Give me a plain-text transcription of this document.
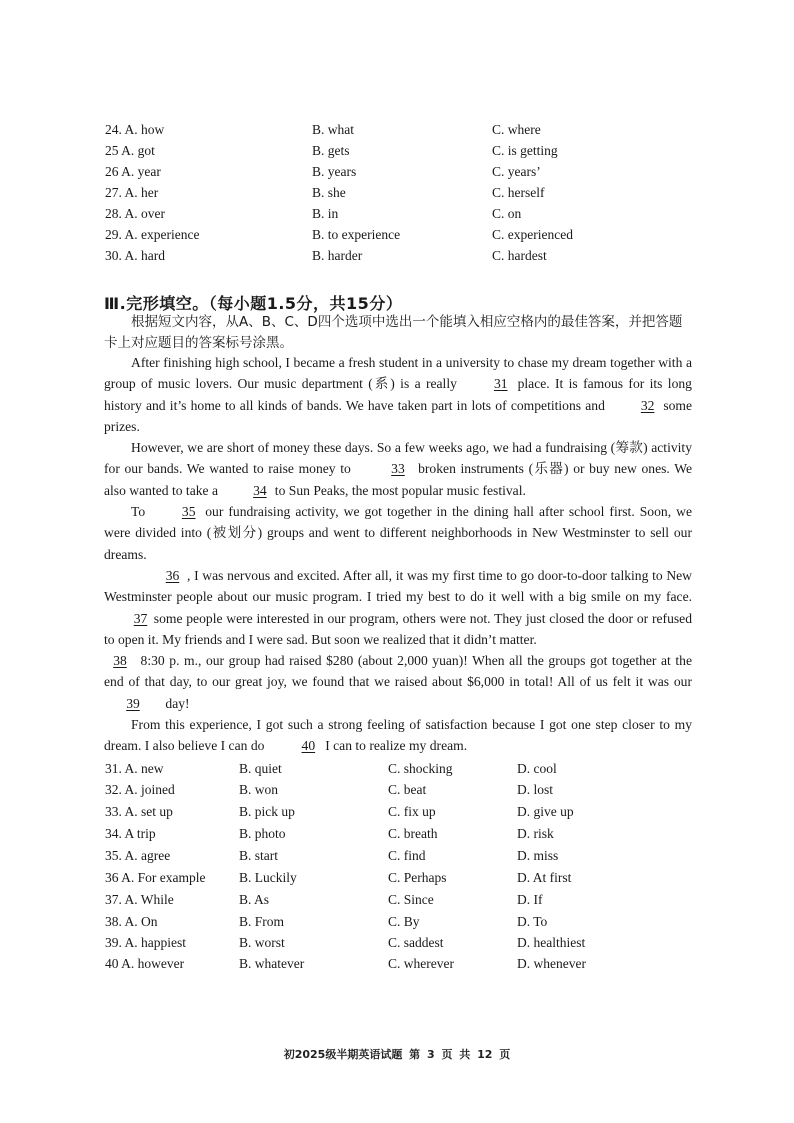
24. A. how	B. what	C. where
25 A. got	B. gets	C. is getting
26 A. year	B. years	C. years’
27. A. her	B. she	C. herself
28. A. over	B. in	C. on
29. A. experience	B. to experience	C. experienced
30. A. hard	B. harder	C. hardest
Ⅲ.完形填空。（每小题1.5分，共15分）
根据短文内容，从A、B、C、D四个选项中选出一个能填入相应空格内的最佳答案，并把答题卡上对应题目的答案标号涂黑。

After finishing high school, I became a fresh student in a university to chase my dream together with a group of music lovers. Our music department (系) is a really 31 place. It is famous for its long history and it’s home to all kinds of bands. We have taken part in lots of competitions and 32 some prizes.

However, we are short of money these days. So a few weeks ago, we had a fundraising (筹款) activity for our bands. We wanted to raise money to	33 broken instruments (乐器) or buy new ones. We also wanted to take a 34 to Sun Peaks, the most popular music festival.

To 35 our fundraising activity, we got together in the dining hall after school first. Soon, we were divided into (被划分) groups and went to different neighborhoods in New Westminster to sell our dreams.

36 , I was nervous and excited. After all, it was my first time to go door-to-door talking to New Westminster people about our music program. I tried my best to do it well with a big smile on my face. 37 some people were interested in our program, others were not. They just closed the door or refused to open it. My friends and I were sad. But soon we realized that it didn’t matter.

38 8:30 p. m., our group had raised $280 (about 2,000 yuan)! When all the groups got together at the end of that day, to our great joy, we found that we raised about $6,000 in total! All of us felt it was our 39 day!

From this experience, I got such a strong feeling of satisfaction because I got one step closer to my dream. I also believe I can do 40 I can to realize my dream.

31. A. new	B. quiet	C. shocking	D. cool
32. A. joined	B. won	C. beat	D. lost
33. A. set up	B. pick up	C. fix up	D. give up
34. A trip	B. photo	C. breath	D. risk
35. A. agree	B. start	C. find	D. miss
36 A. For example B. Luckily	C. Perhaps	D. At first
37. A. While	B. As	C. Since	D. If
38. A. On	B. From	C. By	D. To
39. A. happiest	B. worst	C. saddest	D. healthiest
40 A. however	B. whatever	C. wherever	D. whenever
初2025级半期英语试题 第 3 页 共 12 页
